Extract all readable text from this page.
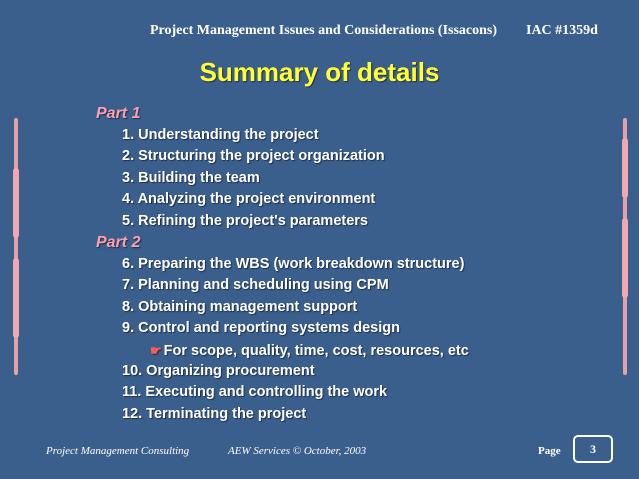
Project Management Issues and Considerations (Issacons) IAC #1359d
Summary of details
Part 1
1. Understanding the project
2. Structuring the project organization
3. Building the team
4. Analyzing the project environment
5. Refining the project's parameters
Part 2
6. Preparing the WBS (work breakdown structure)
7. Planning and scheduling using CPM
8. Obtaining management support
9. Control and reporting systems design
☛ For scope, quality, time, cost, resources, etc
10. Organizing procurement
11. Executing and controlling the work
12. Terminating the project
Project Management Consulting	AEW Services © October, 2003	Page	3
